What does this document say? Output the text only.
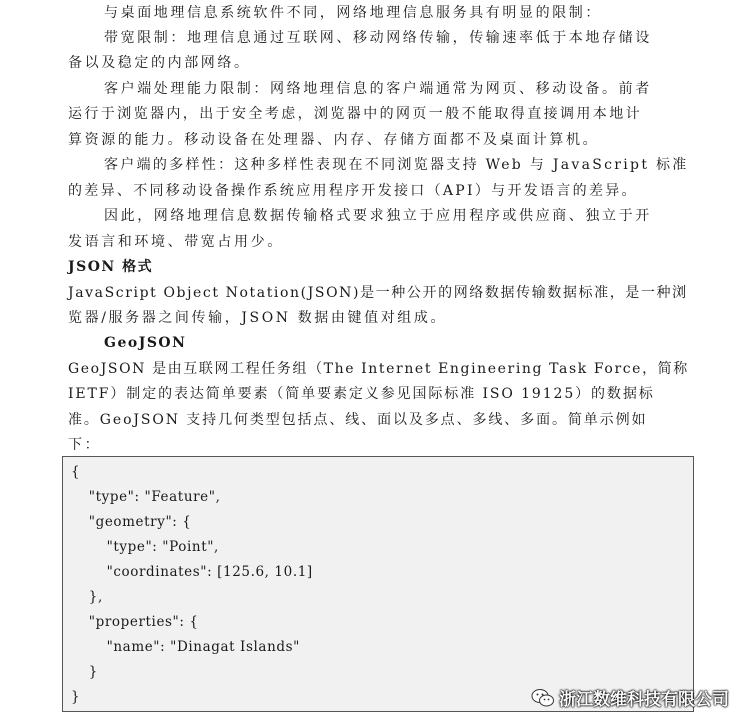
与桌面地理信息系统软件不同，网络地理信息服务具有明显的限制：
带宽限制：地理信息通过互联网、移动网络传输，传输速率低于本地存储设
备以及稳定的内部网络。
客户端处理能力限制：网络地理信息的客户端通常为网页、移动设备。前者
运行于浏览器内，出于安全考虑，浏览器中的网页一般不能取得直接调用本地计
算资源的能力。移动设备在处理器、内存、存储方面都不及桌面计算机。
客户端的多样性：这种多样性表现在不同浏览器支持 Web 与 JavaScript 标准
的差异、不同移动设备操作系统应用程序开发接口（API）与开发语言的差异。
因此，网络地理信息数据传输格式要求独立于应用程序或供应商、独立于开
发语言和环境、带宽占用少。
JSON 格式
JavaScript Object Notation(JSON)是一种公开的网络数据传输数据标准，是一种浏
览器/服务器之间传输，JSON 数据由键值对组成。
GeoJSON
GeoJSON 是由互联网工程任务组（The Internet Engineering Task Force，简称
IETF）制定的表达简单要素（简单要素定义参见国际标准 ISO 19125）的数据标
准。GeoJSON 支持几何类型包括点、线、面以及多点、多线、多面。简单示例如
下：
{
"type": "Feature",
"geometry": {
"type": "Point",
"coordinates": [125.6, 10.1]
},
"properties": {
"name": "Dinagat Islands"
}
}	浙江数维科技有限公司
